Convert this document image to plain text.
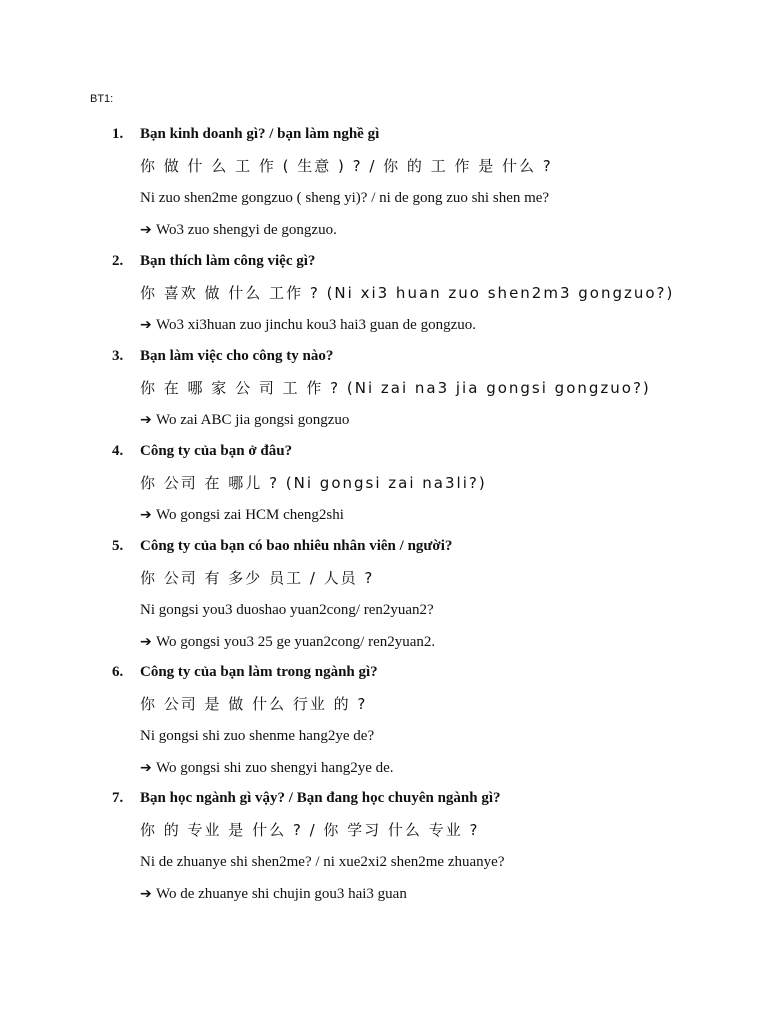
BT1:
1. Bạn kinh doanh gì? / bạn làm nghề gì
你 做 什 么 工 作 ( 生意 ) ? / 你 的 工 作 是 什么 ?
Ni zuo shen2me gongzuo ( sheng yi)? / ni de gong zuo shi shen me?
➔ Wo3 zuo shengyi de gongzuo.
2. Bạn thích làm công việc gì?
你 喜欢 做 什么 工作 ? (Ni xi3 huan zuo shen2m3 gongzuo?)
➔ Wo3 xi3huan zuo jinchu kou3 hai3 guan de gongzuo.
3. Bạn làm việc cho công ty nào?
你 在 哪 家 公 司 工 作 ? (Ni zai na3 jia gongsi gongzuo?)
➔ Wo zai ABC jia gongsi gongzuo
4. Công ty của bạn ở đâu?
你 公司 在 哪儿 ? (Ni gongsi zai na3li?)
➔ Wo gongsi zai HCM cheng2shi
5. Công ty của bạn có bao nhiêu nhân viên / người?
你 公司 有 多少 员工 / 人员 ?
Ni gongsi you3 duoshao yuan2cong/ ren2yuan2?
➔ Wo gongsi you3 25 ge yuan2cong/ ren2yuan2.
6. Công ty của bạn làm trong ngành gì?
你 公司 是 做 什么 行业 的 ?
Ni gongsi shi zuo shenme hang2ye de?
➔ Wo gongsi shi zuo shengyi hang2ye de.
7. Bạn học ngành gì vậy? / Bạn đang học chuyên ngành gì?
你 的 专业 是 什么 ? / 你 学习 什么 专业 ?
Ni de zhuanye shi shen2me? / ni xue2xi2 shen2me zhuanye?
➔ Wo de zhuanye shi chujin gou3 hai3 guan
